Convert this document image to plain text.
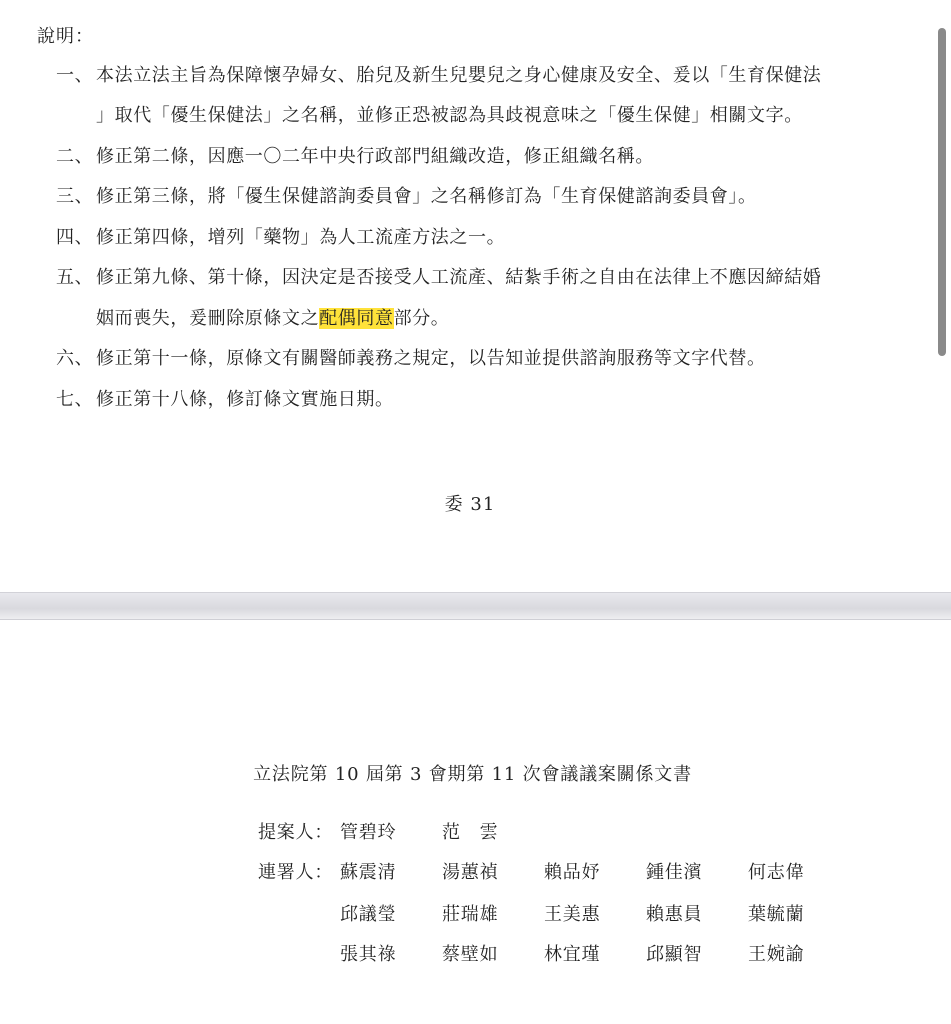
說明：
一、 本法立法主旨為保障懷孕婦女、胎兒及新生兒嬰兒之身心健康及安全、爰以「生育保健法
」取代「優生保健法」之名稱，並修正恐被認為具歧視意味之「優生保健」相關文字。
二、 修正第二條，因應一〇二年中央行政部門組織改造，修正組織名稱。
三、 修正第三條，將「優生保健諮詢委員會」之名稱修訂為「生育保健諮詢委員會」。
四、 修正第四條，增列「藥物」為人工流產方法之一。
五、 修正第九條、第十條，因決定是否接受人工流產、結紮手術之自由在法律上不應因締結婚
姻而喪失，爰刪除原條文之配偶同意部分。
六、 修正第十一條，原條文有關醫師義務之規定，以告知並提供諮詢服務等文字代替。
七、 修正第十八條，修訂條文實施日期。
委 31
立法院第 10 屆第 3 會期第 11 次會議議案關係文書
提案人： 管碧玲	范　雲
連署人： 蘇震清	湯蕙禎	賴品妤	鍾佳濱	何志偉
邱議瑩	莊瑞雄	王美惠	賴惠員	葉毓蘭
張其祿	蔡壁如	林宜瑾	邱顯智	王婉諭
